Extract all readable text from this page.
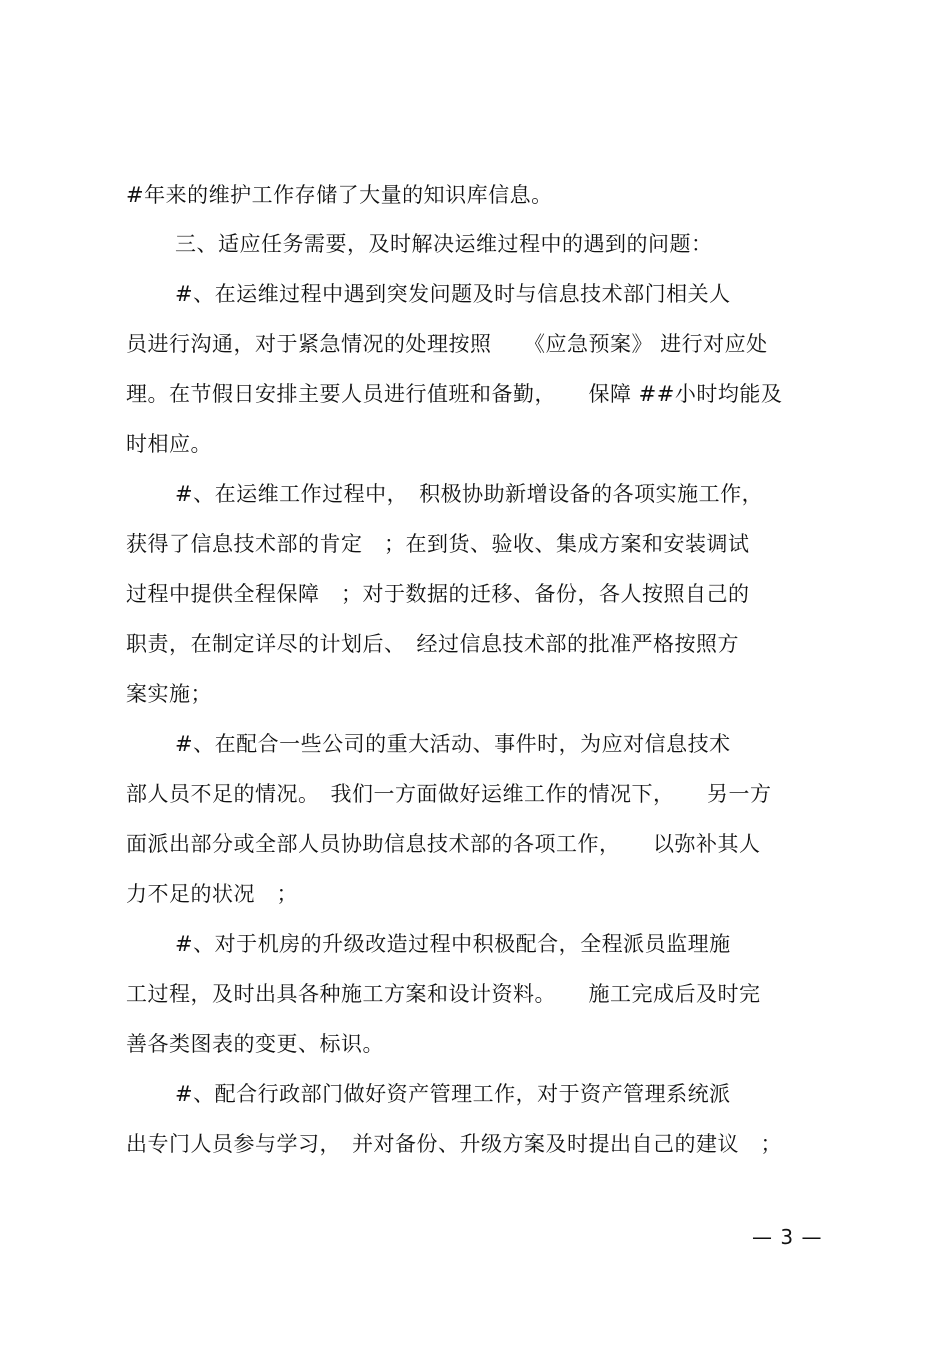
#年来的维护工作存储了大量的知识库信息。
三、适应任务需要，及时解决运维过程中的遇到的问题：
#、在运维过程中遇到突发问题及时与信息技术部门相关人
员进行沟通，对于紧急情况的处理按照　　《应急预案》 进行对应处
理。在节假日安排主要人员进行值班和备勤，　　保障 ##小时均能及
时相应。
#、在运维工作过程中，　积极协助新增设备的各项实施工作，
获得了信息技术部的肯定　；在到货、验收、集成方案和安装调试
过程中提供全程保障　；对于数据的迁移、备份，各人按照自己的
职责，在制定详尽的计划后、　经过信息技术部的批准严格按照方
案实施；
#、在配合一些公司的重大活动、事件时，为应对信息技术
部人员不足的情况。　我们一方面做好运维工作的情况下，　　另一方
面派出部分或全部人员协助信息技术部的各项工作，　　以弥补其人
力不足的状况　；
#、对于机房的升级改造过程中积极配合，全程派员监理施
工过程，及时出具各种施工方案和设计资料。　　施工完成后及时完
善各类图表的变更、标识。
#、配合行政部门做好资产管理工作，对于资产管理系统派
出专门人员参与学习，　并对备份、升级方案及时提出自己的建议　；
— 3 —
